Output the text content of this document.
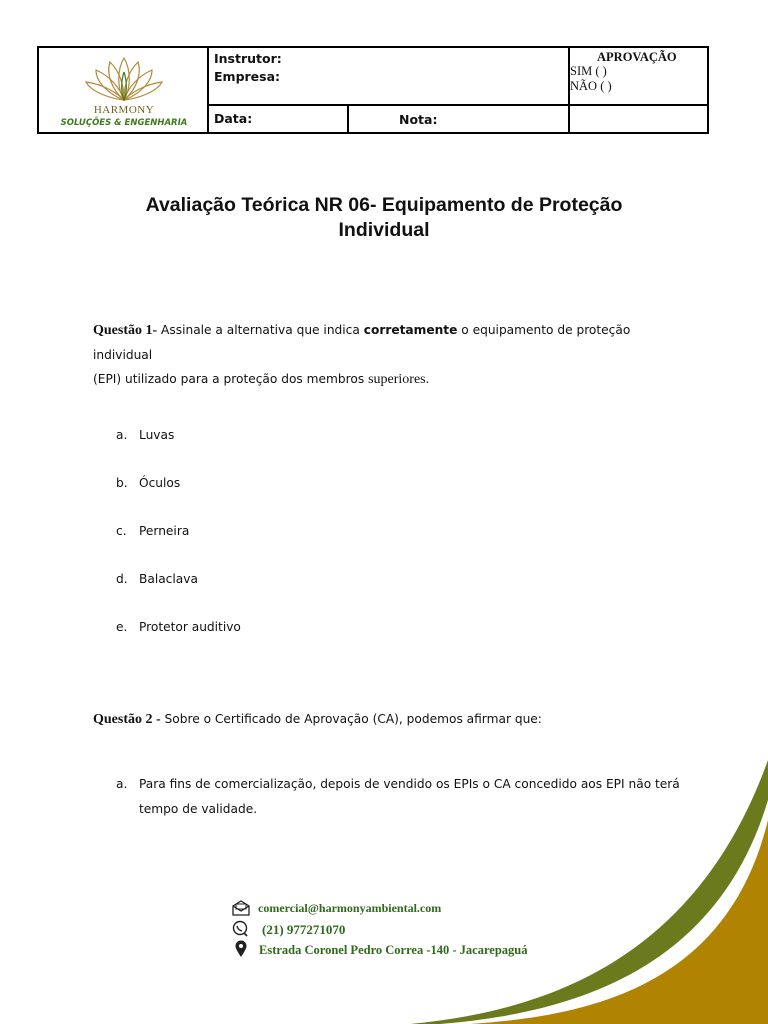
HARMONY
SOLUÇÕES & ENGENHARIA
Instrutor:
Empresa:
APROVAÇÃO
SIM ( )
NÃO ( )
Data:	Nota:
Avaliação Teórica NR 06- Equipamento de Proteção
Individual
Questão 1- Assinale a alternativa que indica corretamente o equipamento de proteção individual
(EPI) utilizado para a proteção dos membros superiores.
a. Luvas
b. Óculos
c. Perneira
d. Balaclava
e. Protetor auditivo
Questão 2 - Sobre o Certificado de Aprovação (CA), podemos afirmar que:
a. Para fins de comercialização, depois de vendido os EPIs o CA concedido aos EPI não terá tempo de validade.
comercial@harmonyambiental.com
(21) 977271070
Estrada Coronel Pedro Correa -140 - Jacarepaguá
